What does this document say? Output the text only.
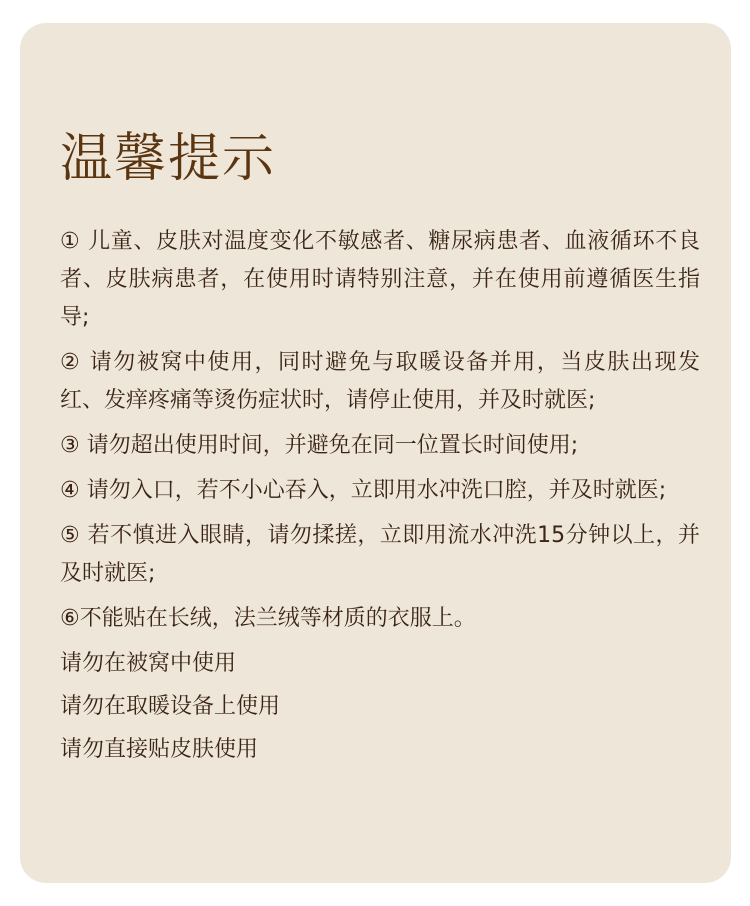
温馨提示

① 儿童、皮肤对温度变化不敏感者、糖尿病患者、血液循环不良者、皮肤病患者，在使用时请特别注意，并在使用前遵循医生指导;

② 请勿被窝中使用，同时避免与取暖设备并用，当皮肤出现发红、发痒疼痛等烫伤症状时，请停止使用，并及时就医;

③ 请勿超出使用时间，并避免在同一位置长时间使用;

④ 请勿入口，若不小心吞入，立即用水冲洗口腔，并及时就医;

⑤ 若不慎进入眼睛，请勿揉搓，立即用流水冲洗15分钟以上，并及时就医;

⑥不能贴在长绒，法兰绒等材质的衣服上。

请勿在被窝中使用

请勿在取暖设备上使用

请勿直接贴皮肤使用
